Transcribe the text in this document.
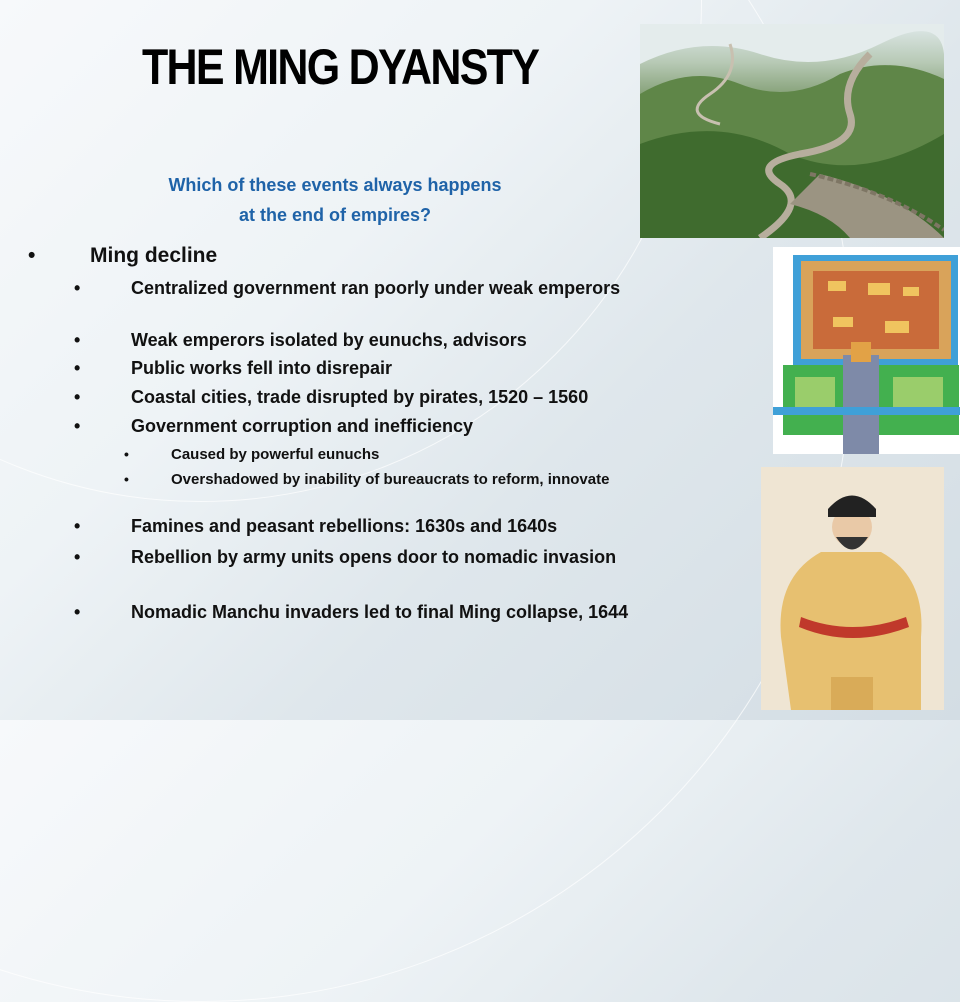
THE MING DYANSTY

Which of these events always happens
at the end of empires?

•	Ming decline
•	Centralized government ran poorly under weak emperors
•	Weak emperors isolated by eunuchs, advisors
•	Public works fell into disrepair
•	Coastal cities, trade disrupted by pirates, 1520 – 1560
•	Government corruption and inefficiency
•	Caused by powerful eunuchs
•	Overshadowed by inability of bureaucrats to reform, innovate
•	Famines and peasant rebellions: 1630s and 1640s
•	Rebellion by army units opens door to nomadic invasion
•	Nomadic Manchu invaders led to final Ming collapse, 1644
